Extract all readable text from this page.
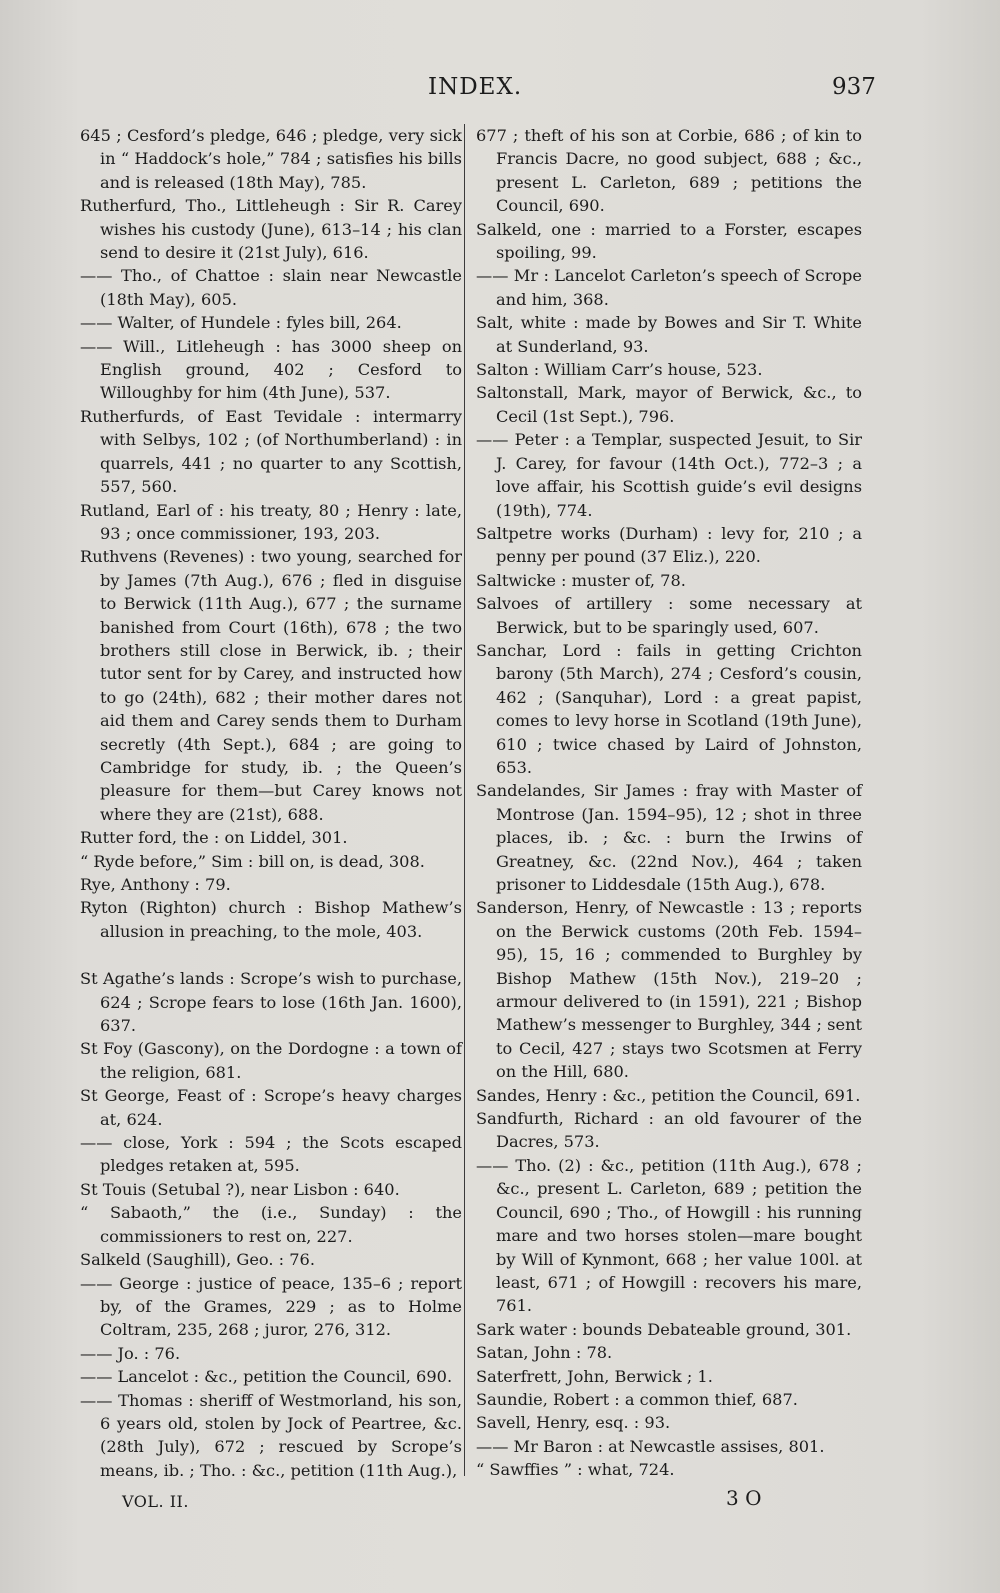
INDEX.	937

645 ; Cesford’s pledge, 646 ; pledge, very sick in “ Haddock’s hole,” 784 ; satisfies his bills and is released (18th May), 785.

Rutherfurd, Tho., Littleheugh : Sir R. Carey wishes his custody (June), 613–14 ; his clan send to desire it (21st July), 616.

—— Tho., of Chattoe : slain near Newcastle (18th May), 605.

—— Walter, of Hundele : fyles bill, 264.

—— Will., Litleheugh : has 3000 sheep on English ground, 402 ; Cesford to Willoughby for him (4th June), 537.

Rutherfurds, of East Tevidale : intermarry with Selbys, 102 ; (of Northumberland) : in quarrels, 441 ; no quarter to any Scottish, 557, 560.

Rutland, Earl of : his treaty, 80 ; Henry : late, 93 ; once commissioner, 193, 203.

Ruthvens (Revenes) : two young, searched for by James (7th Aug.), 676 ; fled in disguise to Berwick (11th Aug.), 677 ; the surname banished from Court (16th), 678 ; the two brothers still close in Berwick, ib. ; their tutor sent for by Carey, and instructed how to go (24th), 682 ; their mother dares not aid them and Carey sends them to Durham secretly (4th Sept.), 684 ; are going to Cambridge for study, ib. ; the Queen’s pleasure for them—but Carey knows not where they are (21st), 688.

Rutter ford, the : on Liddel, 301.

“ Ryde before,” Sim : bill on, is dead, 308.

Rye, Anthony : 79.

Ryton (Righton) church : Bishop Mathew’s allusion in preaching, to the mole, 403.

St Agathe’s lands : Scrope’s wish to purchase, 624 ; Scrope fears to lose (16th Jan. 1600), 637.

St Foy (Gascony), on the Dordogne : a town of the religion, 681.

St George, Feast of : Scrope’s heavy charges at, 624.

—— close, York : 594 ; the Scots escaped pledges retaken at, 595.

St Touis (Setubal ?), near Lisbon : 640.

“ Sabaoth,” the (i.e., Sunday) : the commissioners to rest on, 227.

Salkeld (Saughill), Geo. : 76.

—— George : justice of peace, 135–6 ; report by, of the Grames, 229 ; as to Holme Coltram, 235, 268 ; juror, 276, 312.

—— Jo. : 76.

—— Lancelot : &c., petition the Council, 690.

—— Thomas : sheriff of Westmorland, his son, 6 years old, stolen by Jock of Peartree, &c. (28th July), 672 ; rescued by Scrope’s means, ib. ; Tho. : &c., petition (11th Aug.),

677 ; theft of his son at Corbie, 686 ; of kin to Francis Dacre, no good subject, 688 ; &c., present L. Carleton, 689 ; petitions the Council, 690.

Salkeld, one : married to a Forster, escapes spoiling, 99.

—— Mr : Lancelot Carleton’s speech of Scrope and him, 368.

Salt, white : made by Bowes and Sir T. White at Sunderland, 93.

Salton : William Carr’s house, 523.

Saltonstall, Mark, mayor of Berwick, &c., to Cecil (1st Sept.), 796.

—— Peter : a Templar, suspected Jesuit, to Sir J. Carey, for favour (14th Oct.), 772–3 ; a love affair, his Scottish guide’s evil designs (19th), 774.

Saltpetre works (Durham) : levy for, 210 ; a penny per pound (37 Eliz.), 220.

Saltwicke : muster of, 78.

Salvoes of artillery : some necessary at Berwick, but to be sparingly used, 607.

Sanchar, Lord : fails in getting Crichton barony (5th March), 274 ; Cesford’s cousin, 462 ; (Sanquhar), Lord : a great papist, comes to levy horse in Scotland (19th June), 610 ; twice chased by Laird of Johnston, 653.

Sandelandes, Sir James : fray with Master of Montrose (Jan. 1594–95), 12 ; shot in three places, ib. ; &c. : burn the Irwins of Greatney, &c. (22nd Nov.), 464 ; taken prisoner to Liddesdale (15th Aug.), 678.

Sanderson, Henry, of Newcastle : 13 ; reports on the Berwick customs (20th Feb. 1594–95), 15, 16 ; commended to Burghley by Bishop Mathew (15th Nov.), 219–20 ; armour delivered to (in 1591), 221 ; Bishop Mathew’s messenger to Burghley, 344 ; sent to Cecil, 427 ; stays two Scotsmen at Ferry on the Hill, 680.

Sandes, Henry : &c., petition the Council, 691.

Sandfurth, Richard : an old favourer of the Dacres, 573.

—— Tho. (2) : &c., petition (11th Aug.), 678 ; &c., present L. Carleton, 689 ; petition the Council, 690 ; Tho., of Howgill : his running mare and two horses stolen—mare bought by Will of Kynmont, 668 ; her value 100l. at least, 671 ; of Howgill : recovers his mare, 761.

Sark water : bounds Debateable ground, 301.

Satan, John : 78.

Saterfrett, John, Berwick ; 1.

Saundie, Robert : a common thief, 687.

Savell, Henry, esq. : 93.

—— Mr Baron : at Newcastle assises, 801.

“ Sawffies ” : what, 724.

VOL. II.	3 O
